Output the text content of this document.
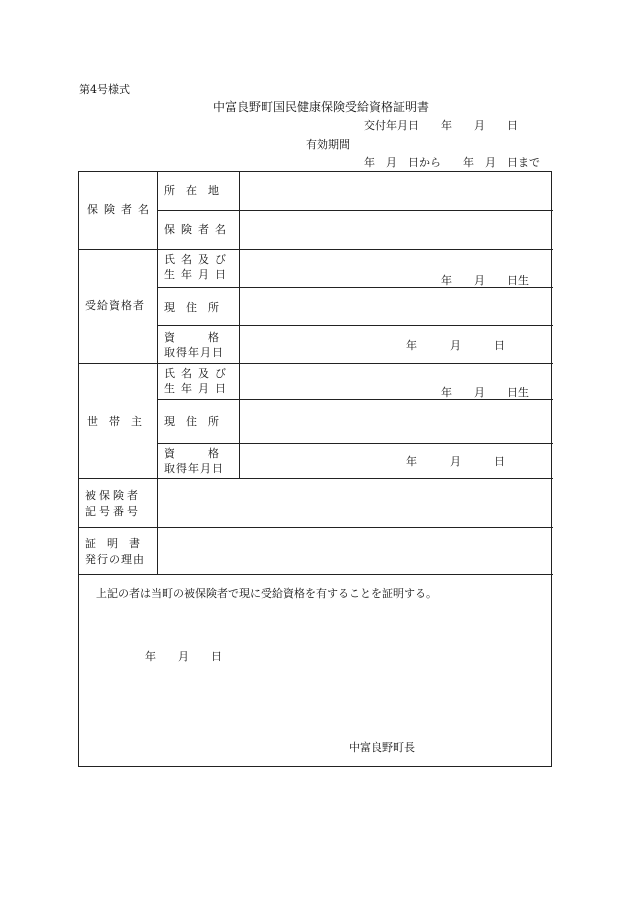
第4号様式
中富良野町国民健康保険受給資格証明書
交付年月日　　年　　月　　日
有効期間
年　月　日から　　年　月　日まで
保険者名
所　在　地
保険者名
受給資格者
氏名及び
生年月日	年　　月　　日生
現　住　所
資　　　格
取得年月日
年　　　月　　　日
世　帯　主
氏名及び
生年月日	年　　月　　日生
現　住　所
資　　　格
取得年月日
年　　　月　　　日
被保険者
記号番号
証　明　書
発行の理由
上記の者は当町の被保険者で現に受給資格を有することを証明する。
年　　月　　日
中富良野町長
